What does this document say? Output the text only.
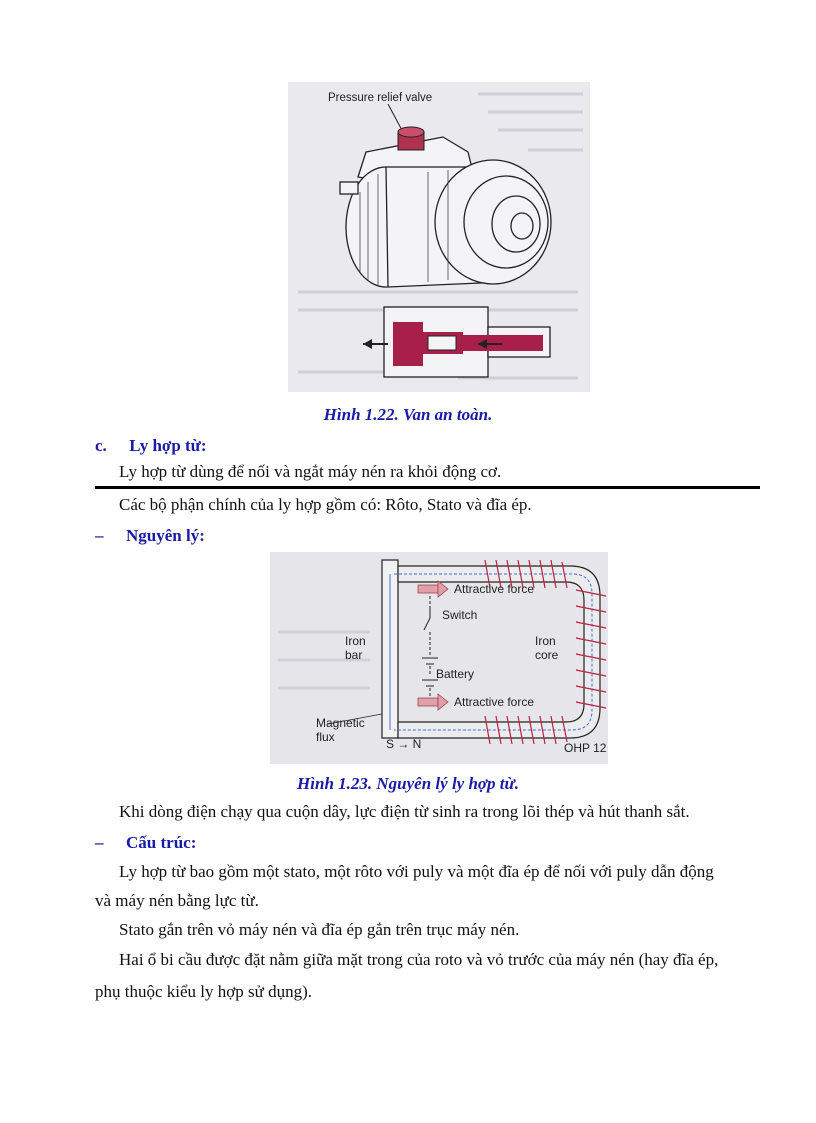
Pressure relief valve
Hình 1.22. Van an toàn.
c. Ly hợp từ:
Ly hợp từ dùng để nối và ngắt máy nén ra khỏi động cơ.
Các bộ phận chính của ly hợp gồm có: Rôto, Stato và đĩa ép.
– Nguyên lý:
Attractive force
Switch
Iron
bar
Iron
core
Battery
Attractive force
Magnetic
flux	S → N	OHP 12
Hình 1.23. Nguyên lý ly hợp từ.
Khi dòng điện chạy qua cuộn dây, lực điện từ sinh ra trong lõi thép và hút thanh sắt.
– Cấu trúc:
Ly hợp từ bao gồm một stato, một rôto với puly và một đĩa ép để nối với puly dẫn động
và máy nén bằng lực từ.
Stato gắn trên vỏ máy nén và đĩa ép gắn trên trục máy nén.
Hai ổ bi cầu được đặt nằm giữa mặt trong của roto và vỏ trước của máy nén (hay đĩa ép,
phụ thuộc kiểu ly hợp sử dụng).
